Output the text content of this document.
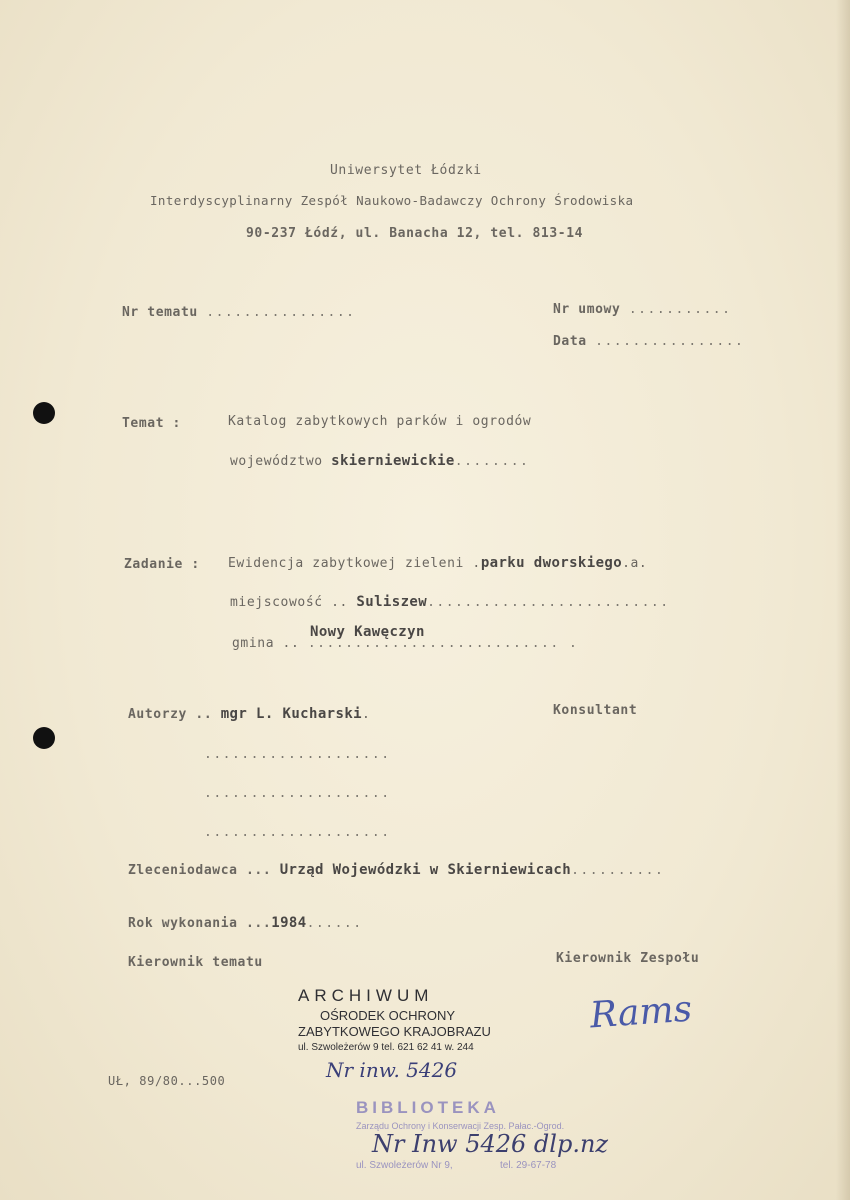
Uniwersytet Łódzki
Interdyscyplinarny Zespół Naukowo-Badawczy Ochrony Środowiska
90-237 Łódź, ul. Banacha 12, tel. 813-14
Nr tematu ................	Nr umowy ...........
Data ................
Temat :	Katalog zabytkowych parków i ogrodów
województwo skierniewickie........
Zadanie : Ewidencja zabytkowej zieleni .parku dworskiego.a.
miejscowość .. Suliszew..........................
gmina .. ........................... .
Nowy Kawęczyn
Autorzy .. mgr L. Kucharski.	Konsultant
....................
....................
....................
Zleceniodawca ... Urząd Wojewódzki w Skierniewicach..........
Rok wykonania ...1984......
Kierownik tematu	Kierownik Zespołu
Rams
ARCHIWUM
OŚRODEK OCHRONY
ZABYTKOWEGO KRAJOBRAZU
ul. Szwoleżerów 9 tel. 621 62 41 w. 244
Nr inw. 5426
UŁ, 89/80...500
BIBLIOTEKA
Zarządu Ochrony i Konserwacji Zesp. Pałac.-Ogrod.
ul. Szwoleżerów Nr 9,	tel. 29-67-78
Nr Inw 5426 dlp.nz
